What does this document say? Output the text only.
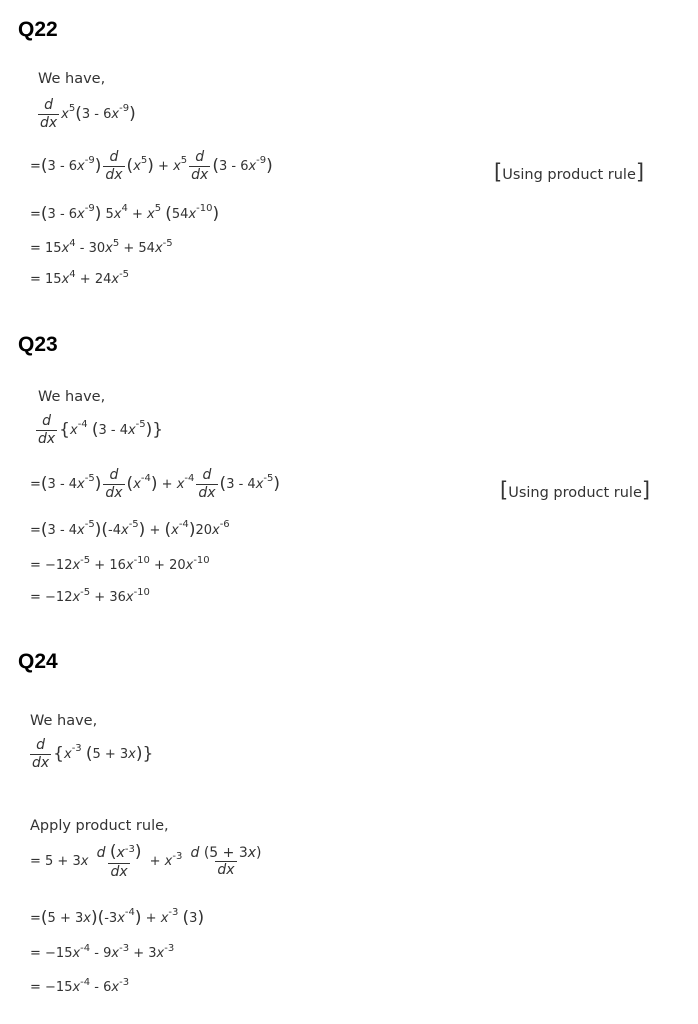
Q22
We have,
$\frac{d}{dx}$ x 5 ( 3 - 6 x -9 )
= ( 3 - 6 x -9 ) $\frac{d}{dx}$ ( x 5 ) + x $5 \frac{d}{dx}$ ( 3 - 6 x -9 )	[Using product rule]
= ( 3 - 6 x -9 ) 5 x 4 + x 5
( 54 x -10 )
= 15 x 4 - 30 x 5 + 54 x -5
= 15 x 4 + 24 x -5
Q23
We have,
$\frac{d}{dx}$ { x -4
( 3 - 4 x -5 ) }
= ( 3 - 4 x -5 ) $\frac{d}{dx}$ ( x -4 ) + x $-4 \frac{d}{dx}$ ( 3 - 4 x -5 )	[Using product rule]
= ( 3 - 4 x -5 ) ( -4 x -5 ) + ( x -4 ) 20 x -6
= −12 x -5 + 16 x -10 + 20 x -10
= −12 x -5 + 36 x -10
Q24
We have,
$\frac{d}{dx}$ { x -3
( 5 + 3 x ) }
Apply product rule,
= 5 + 3 x
$\frac{d (x^{-3})}{dx} + x$ -3
$\frac{d (5 + 3x)}{dx}$
= ( 5 + 3 x ) ( -3 x -4 ) + x -3
( 3 )
= −15 x -4 - 9 x -3 + 3 x -3
= −15 x -4 - 6 x -3
